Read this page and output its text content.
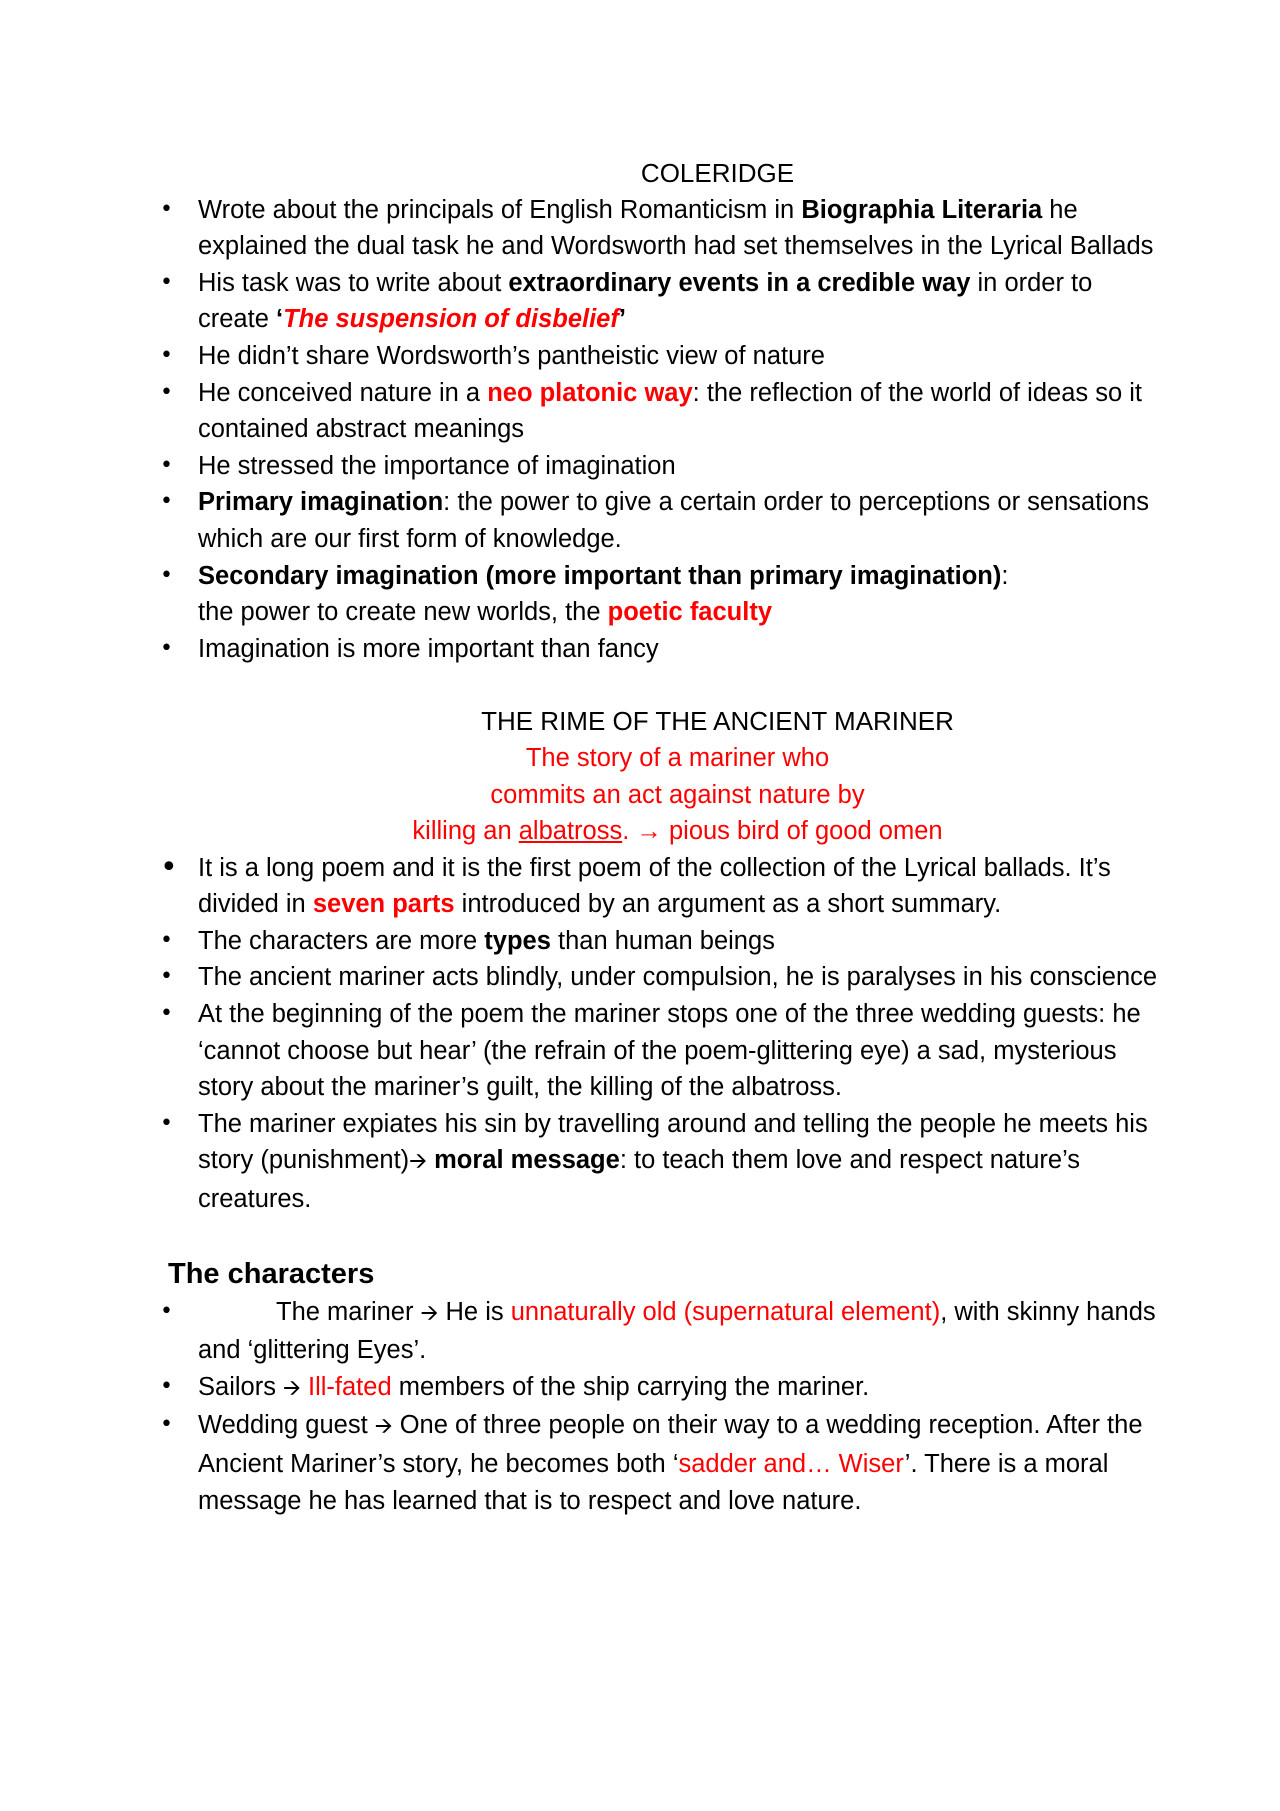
COLERIDGE
• Wrote about the principals of English Romanticism in Biographia Literaria he explained the dual task he and Wordsworth had set themselves in the Lyrical Ballads
• His task was to write about extraordinary events in a credible way in order to create ‘The suspension of disbelief’
• He didn’t share Wordsworth’s pantheistic view of nature
• He conceived nature in a neo platonic way: the reflection of the world of ideas so it contained abstract meanings
• He stressed the importance of imagination
• Primary imagination: the power to give a certain order to perceptions or sensations which are our first form of knowledge.
• Secondary imagination (more important than primary imagination):
the power to create new worlds, the poetic faculty
• Imagination is more important than fancy
THE RIME OF THE ANCIENT MARINER
The story of a mariner who
commits an act against nature by
killing an albatross. → pious bird of good omen
• It is a long poem and it is the first poem of the collection of the Lyrical ballads. It’s divided in seven parts introduced by an argument as a short summary.
• The characters are more types than human beings
• The ancient mariner acts blindly, under compulsion, he is paralyses in his conscience
• At the beginning of the poem the mariner stops one of the three wedding guests: he ‘cannot choose but hear’ (the refrain of the poem-glittering eye) a sad, mysterious story about the mariner’s guilt, the killing of the albatross.
• The mariner expiates his sin by travelling around and telling the people he meets his story (punishment)🡪 moral message: to teach them love and respect nature’s creatures.
The characters
• The mariner 🡪 He is unnaturally old (supernatural element), with skinny hands and ‘glittering Eyes’.
• Sailors 🡪 Ill-fated members of the ship carrying the mariner.
• Wedding guest 🡪 One of three people on their way to a wedding reception. After the Ancient Mariner’s story, he becomes both ‘sadder and… Wiser’. There is a moral message he has learned that is to respect and love nature.
